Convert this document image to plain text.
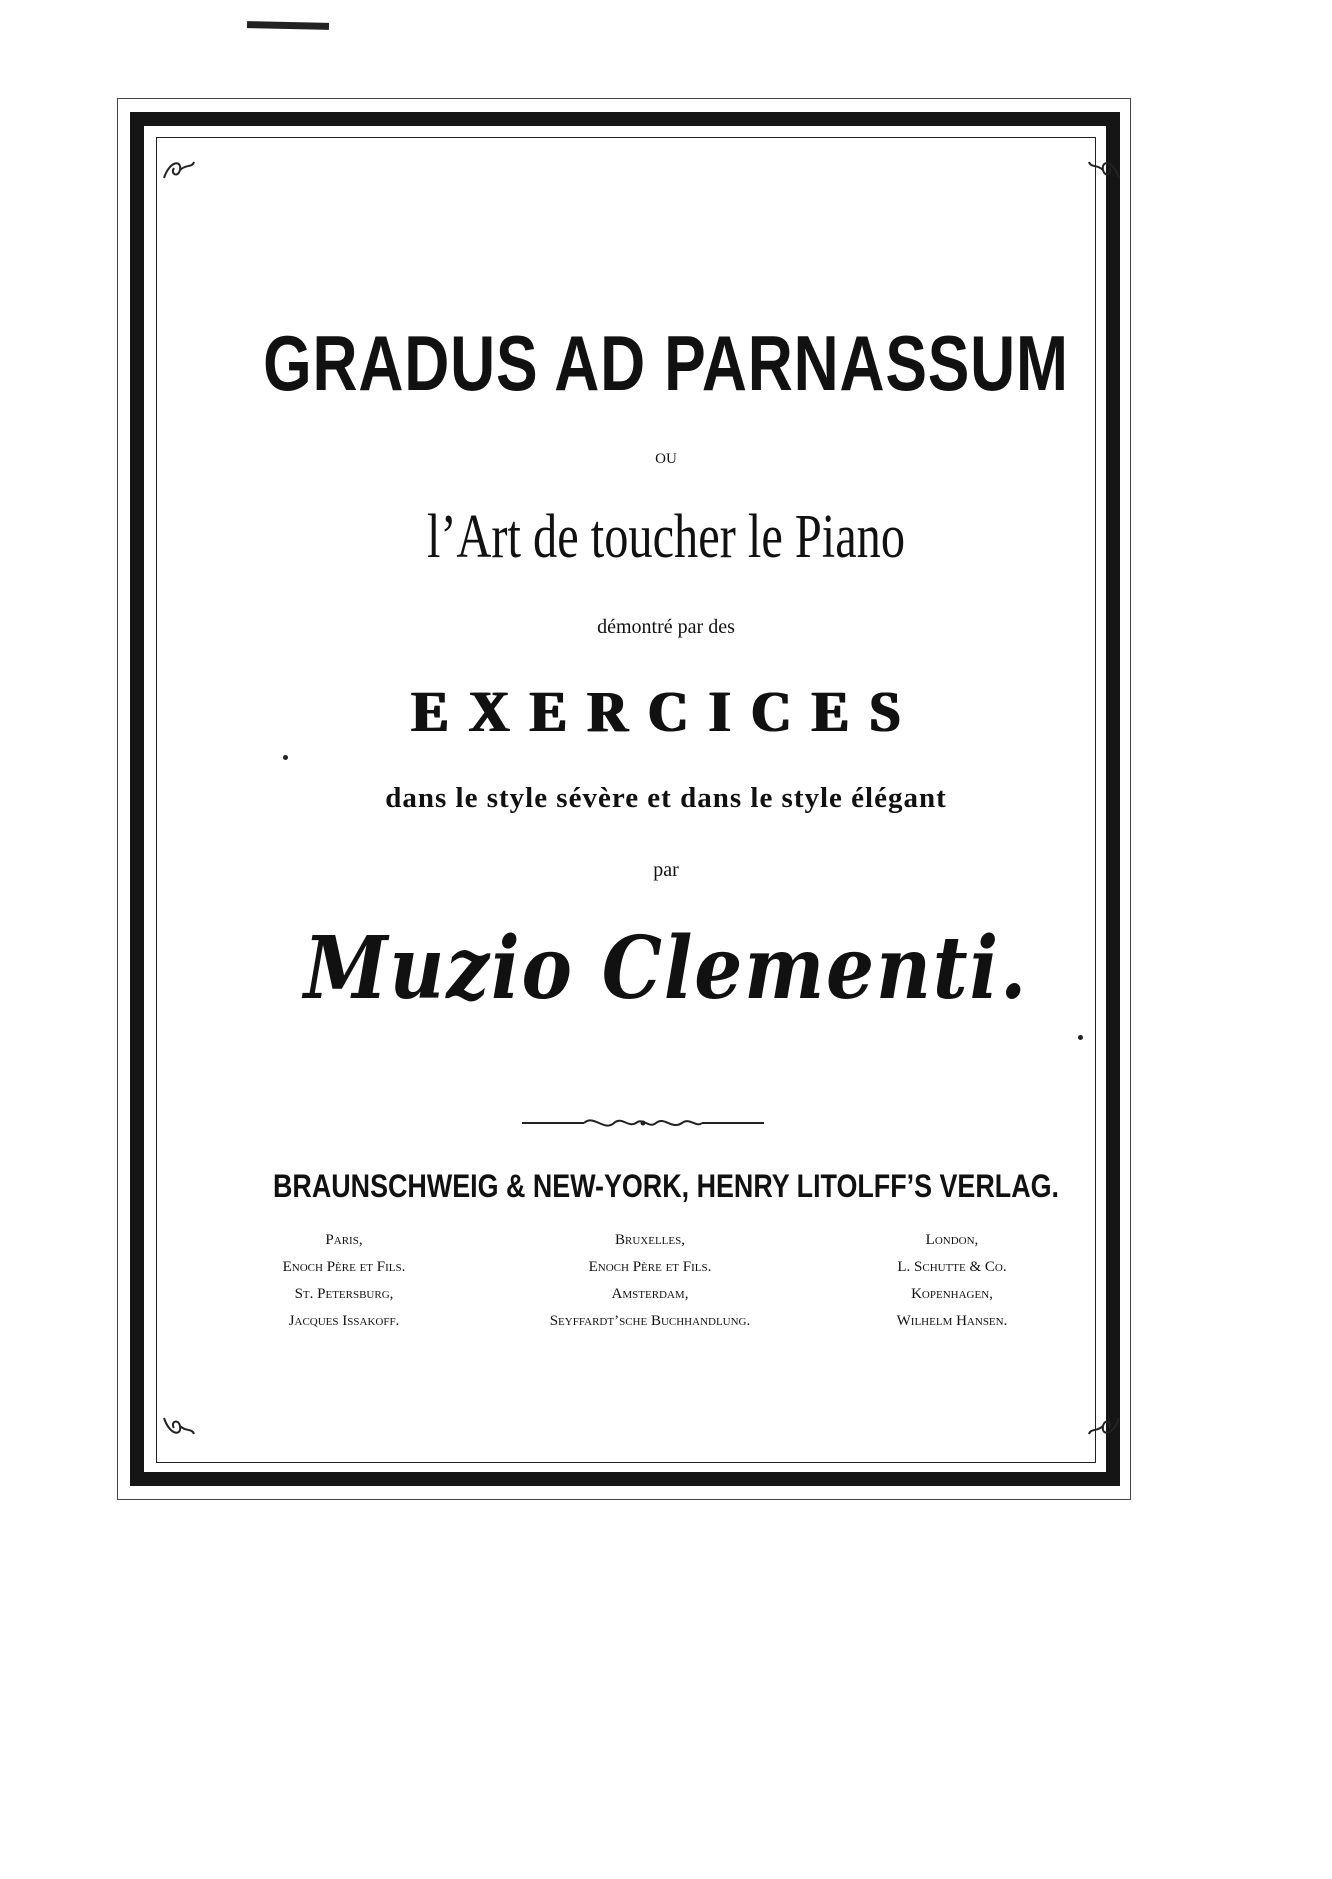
GRADUS AD PARNASSUM
ou
l’Art de toucher le Piano
démontré par des
EXERCICES
dans le style sévère et dans le style élégant
par
Muzio Clementi.
BRAUNSCHWEIG & NEW-YORK, HENRY LITOLFF’S VERLAG.
Paris,
Enoch Père et Fils.
St. Petersburg,
Jacques Issakoff.
Bruxelles,
Enoch Père et Fils.
Amsterdam,
Seyffardt’sche Buchhandlung.
London,
L. Schutte & Co.
Kopenhagen,
Wilhelm Hansen.
